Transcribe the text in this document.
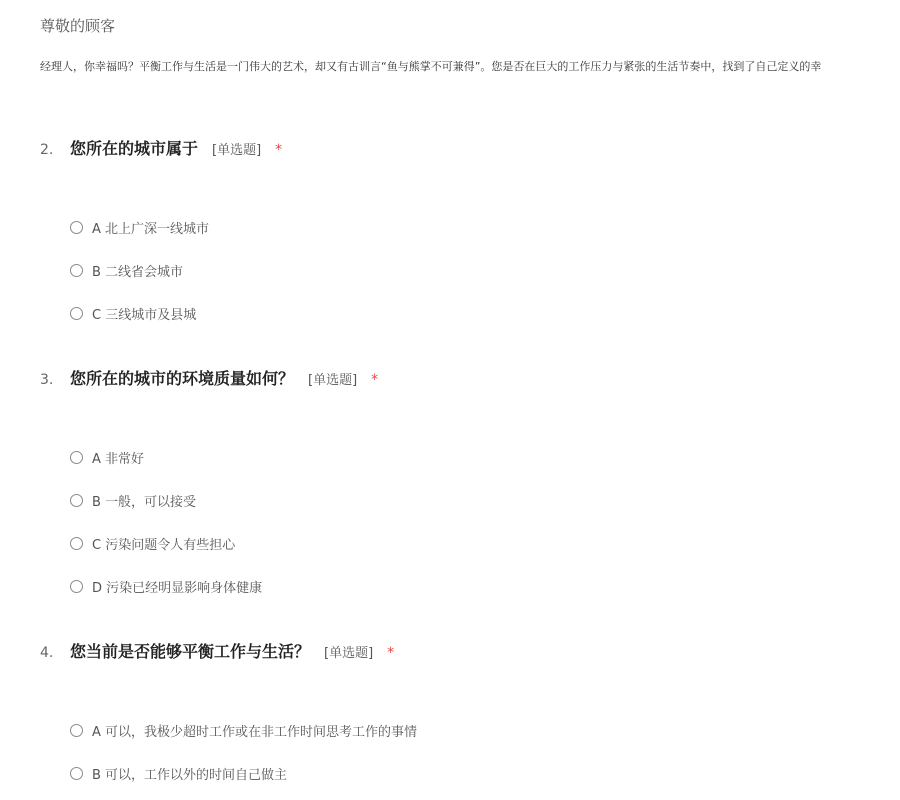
尊敬的顾客
经理人，你幸福吗？平衡工作与生活是一门伟大的艺术，却又有古训言“鱼与熊掌不可兼得”。您是否在巨大的工作压力与紧张的生活节奏中，找到了自己定义的幸
2.	您所在的城市属于 [单选题] *
A 北上广深一线城市
B 二线省会城市
C 三线城市及县城
3.	您所在的城市的环境质量如何？ [单选题] *
A 非常好
B 一般，可以接受
C 污染问题令人有些担心
D 污染已经明显影响身体健康
4.	您当前是否能够平衡工作与生活？ [单选题] *
A 可以，我极少超时工作或在非工作时间思考工作的事情
B 可以，工作以外的时间自己做主
